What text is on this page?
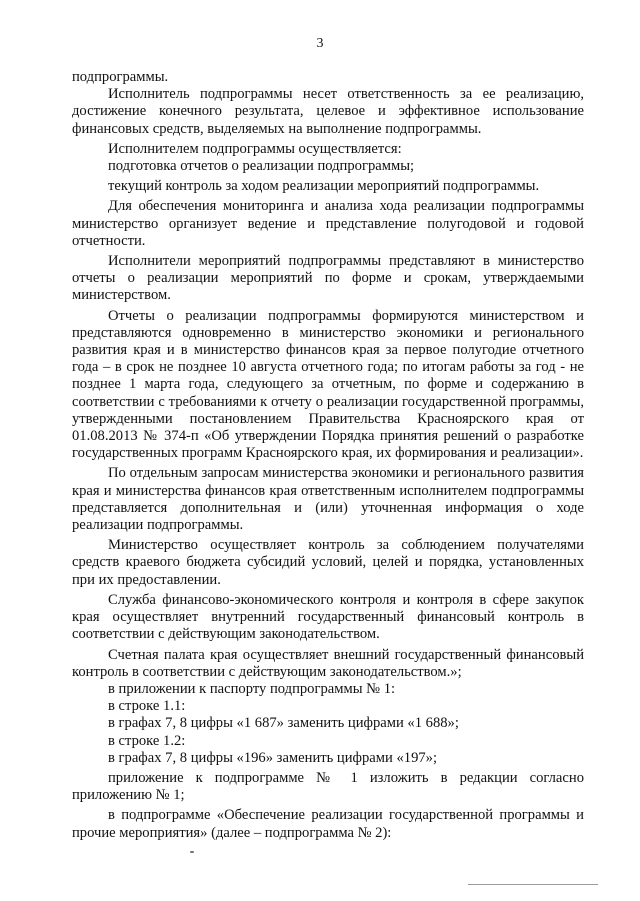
3

подпрограммы.

Исполнитель подпрограммы несет ответственность за ее реализацию, достижение конечного результата, целевое и эффективное использование финансовых средств, выделяемых на выполнение подпрограммы.

Исполнителем подпрограммы осуществляется:

подготовка отчетов о реализации подпрограммы;

текущий контроль за ходом реализации мероприятий подпрограммы.

Для обеспечения мониторинга и анализа хода реализации подпрограммы министерство организует ведение и представление полугодовой и годовой отчетности.

Исполнители мероприятий подпрограммы представляют в министерство отчеты о реализации мероприятий по форме и срокам, утверждаемыми министерством.

Отчеты о реализации подпрограммы формируются министерством и представляются одновременно в министерство экономики и регионального развития края и в министерство финансов края за первое полугодие отчетного года – в срок не позднее 10 августа отчетного года; по итогам работы за год - не позднее 1 марта года, следующего за отчетным, по форме и содержанию в соответствии с требованиями к отчету о реализации государственной программы, утвержденными постановлением Правительства Красноярского края от 01.08.2013 № 374-п «Об утверждении Порядка принятия решений о разработке государственных программ Красноярского края, их формирования и реализации».

По отдельным запросам министерства экономики и регионального развития края и министерства финансов края ответственным исполнителем подпрограммы представляется дополнительная и (или) уточненная информация о ходе реализации подпрограммы.

Министерство осуществляет контроль за соблюдением получателями средств краевого бюджета субсидий условий, целей и порядка, установленных при их предоставлении.

Служба финансово-экономического контроля и контроля в сфере закупок края осуществляет внутренний государственный финансовый контроль в соответствии с действующим законодательством.

Счетная палата края осуществляет внешний государственный финансовый контроль в соответствии с действующим законодательством.»;

в приложении к паспорту подпрограммы № 1:

в строке 1.1:

в графах 7, 8 цифры «1 687» заменить цифрами «1 688»;

в строке 1.2:

в графах 7, 8 цифры «196» заменить цифрами «197»;

приложение к подпрограмме № 1 изложить в редакции согласно приложению № 1;

в подпрограмме «Обеспечение реализации государственной программы и прочие мероприятия» (далее – подпрограмма № 2):
